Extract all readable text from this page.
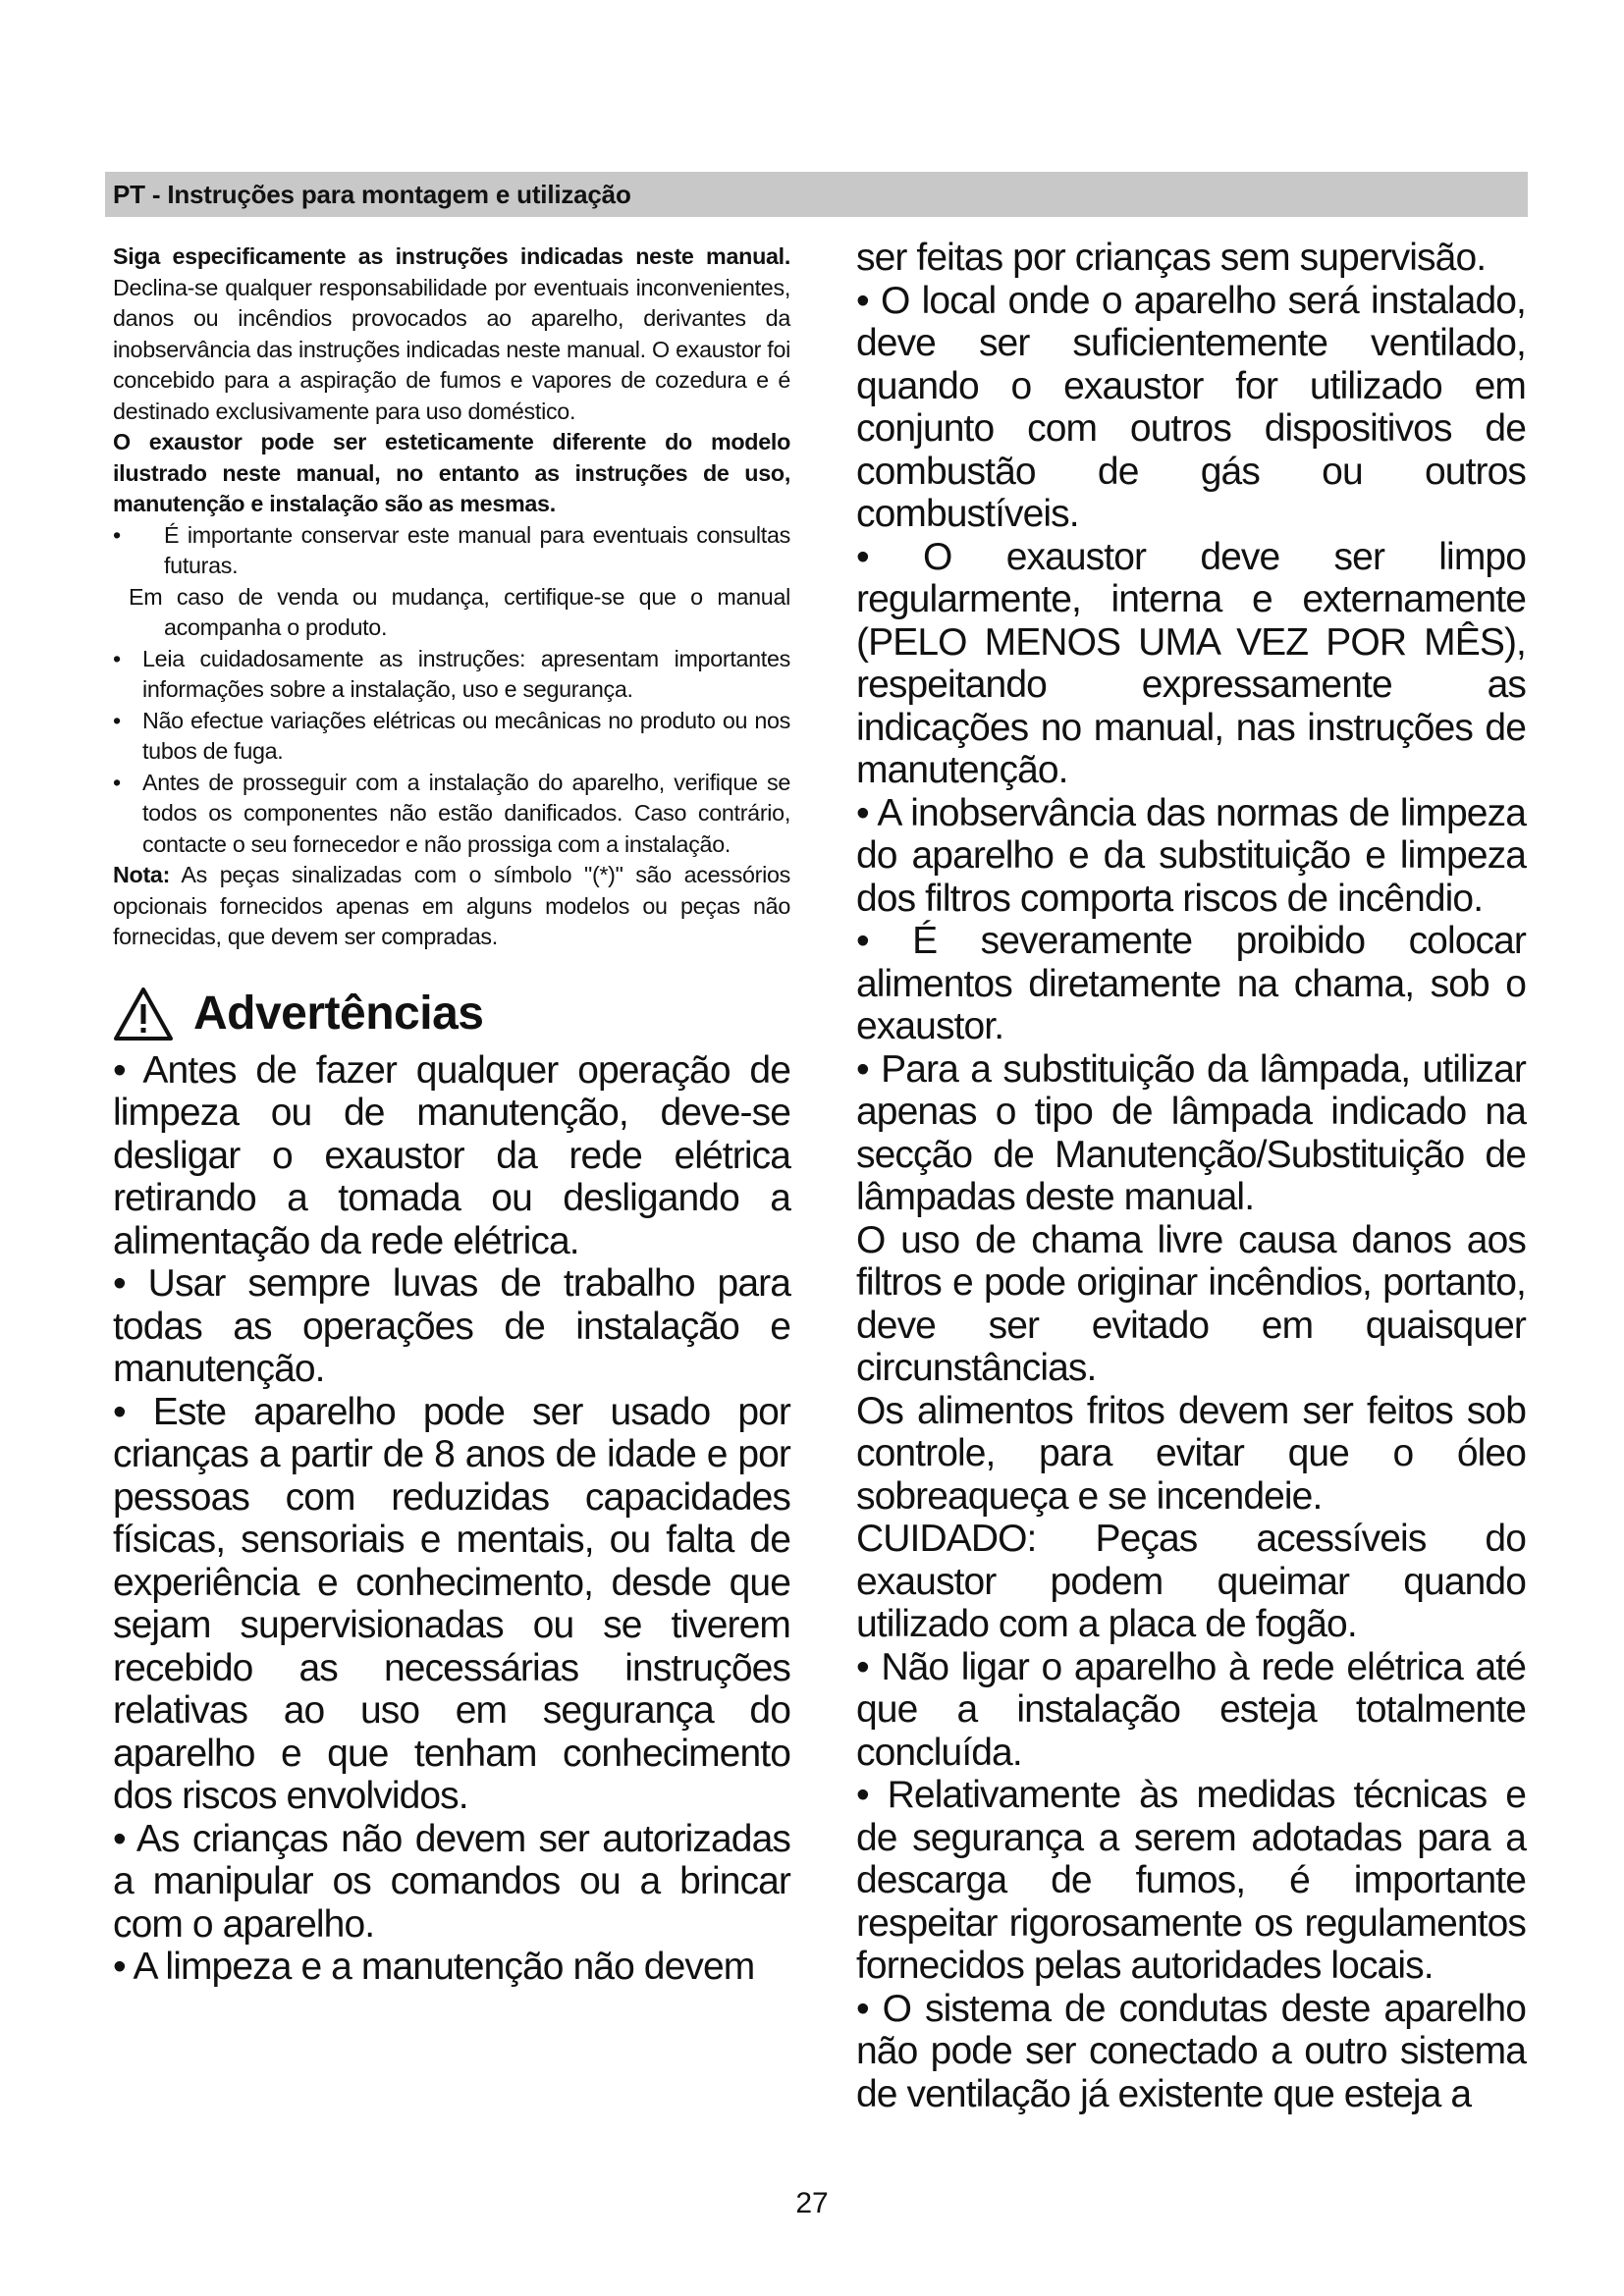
PT - Instruções para montagem e utilização

Siga especificamente as instruções indicadas neste manual. Declina-se qualquer responsabilidade por eventuais inconvenientes, danos ou incêndios provocados ao aparelho, derivantes da inobservância das instruções indicadas neste manual. O exaustor foi concebido para a aspiração de fumos e vapores de cozedura e é destinado exclusivamente para uso doméstico.

O exaustor pode ser esteticamente diferente do modelo ilustrado neste manual, no entanto as instruções de uso, manutenção e instalação são as mesmas.

• É importante conservar este manual para eventuais consultas futuras.
Em caso de venda ou mudança, certifique-se que o manual acompanha o produto.
• Leia cuidadosamente as instruções: apresentam importantes informações sobre a instalação, uso e segurança.
• Não efectue variações elétricas ou mecânicas no produto ou nos tubos de fuga.
• Antes de prosseguir com a instalação do aparelho, verifique se todos os componentes não estão danificados. Caso contrário, contacte o seu fornecedor e não prossiga com a instalação.

Nota: As peças sinalizadas com o símbolo "(*)" são acessórios opcionais fornecidos apenas em alguns modelos ou peças não fornecidas, que devem ser compradas.

Advertências

• Antes de fazer qualquer operação de limpeza ou de manutenção, deve-se desligar o exaustor da rede elétrica retirando a tomada ou desligando a alimentação da rede elétrica.

• Usar sempre luvas de trabalho para todas as operações de instalação e manutenção.

• Este aparelho pode ser usado por crianças a partir de 8 anos de idade e por pessoas com reduzidas capacidades físicas, sensoriais e mentais, ou falta de experiência e conhecimento, desde que sejam supervisionadas ou se tiverem recebido as necessárias instruções relativas ao uso em segurança do aparelho e que tenham conhecimento dos riscos envolvidos.

• As crianças não devem ser autorizadas a manipular os comandos ou a brincar com o aparelho.

• A limpeza e a manutenção não devem

ser feitas por crianças sem supervisão.

• O local onde o aparelho será instalado, deve ser suficientemente ventilado, quando o exaustor for utilizado em conjunto com outros dispositivos de combustão de gás ou outros combustíveis.

• O exaustor deve ser limpo regularmente, interna e externamente (PELO MENOS UMA VEZ POR MÊS), respeitando expressamente as indicações no manual, nas instruções de manutenção.

• A inobservância das normas de limpeza do aparelho e da substituição e limpeza dos filtros comporta riscos de incêndio.

• É severamente proibido colocar alimentos diretamente na chama, sob o exaustor.

• Para a substituição da lâmpada, utilizar apenas o tipo de lâmpada indicado na secção de Manutenção/Substituição de lâmpadas deste manual.

O uso de chama livre causa danos aos filtros e pode originar incêndios, portanto, deve ser evitado em quaisquer circunstâncias.

Os alimentos fritos devem ser feitos sob controle, para evitar que o óleo sobreaqueça e se incendeie.

CUIDADO: Peças acessíveis do exaustor podem queimar quando utilizado com a placa de fogão.

• Não ligar o aparelho à rede elétrica até que a instalação esteja totalmente concluída.

• Relativamente às medidas técnicas e de segurança a serem adotadas para a descarga de fumos, é importante respeitar rigorosamente os regulamentos fornecidos pelas autoridades locais.

• O sistema de condutas deste aparelho não pode ser conectado a outro sistema de ventilação já existente que esteja a

27
